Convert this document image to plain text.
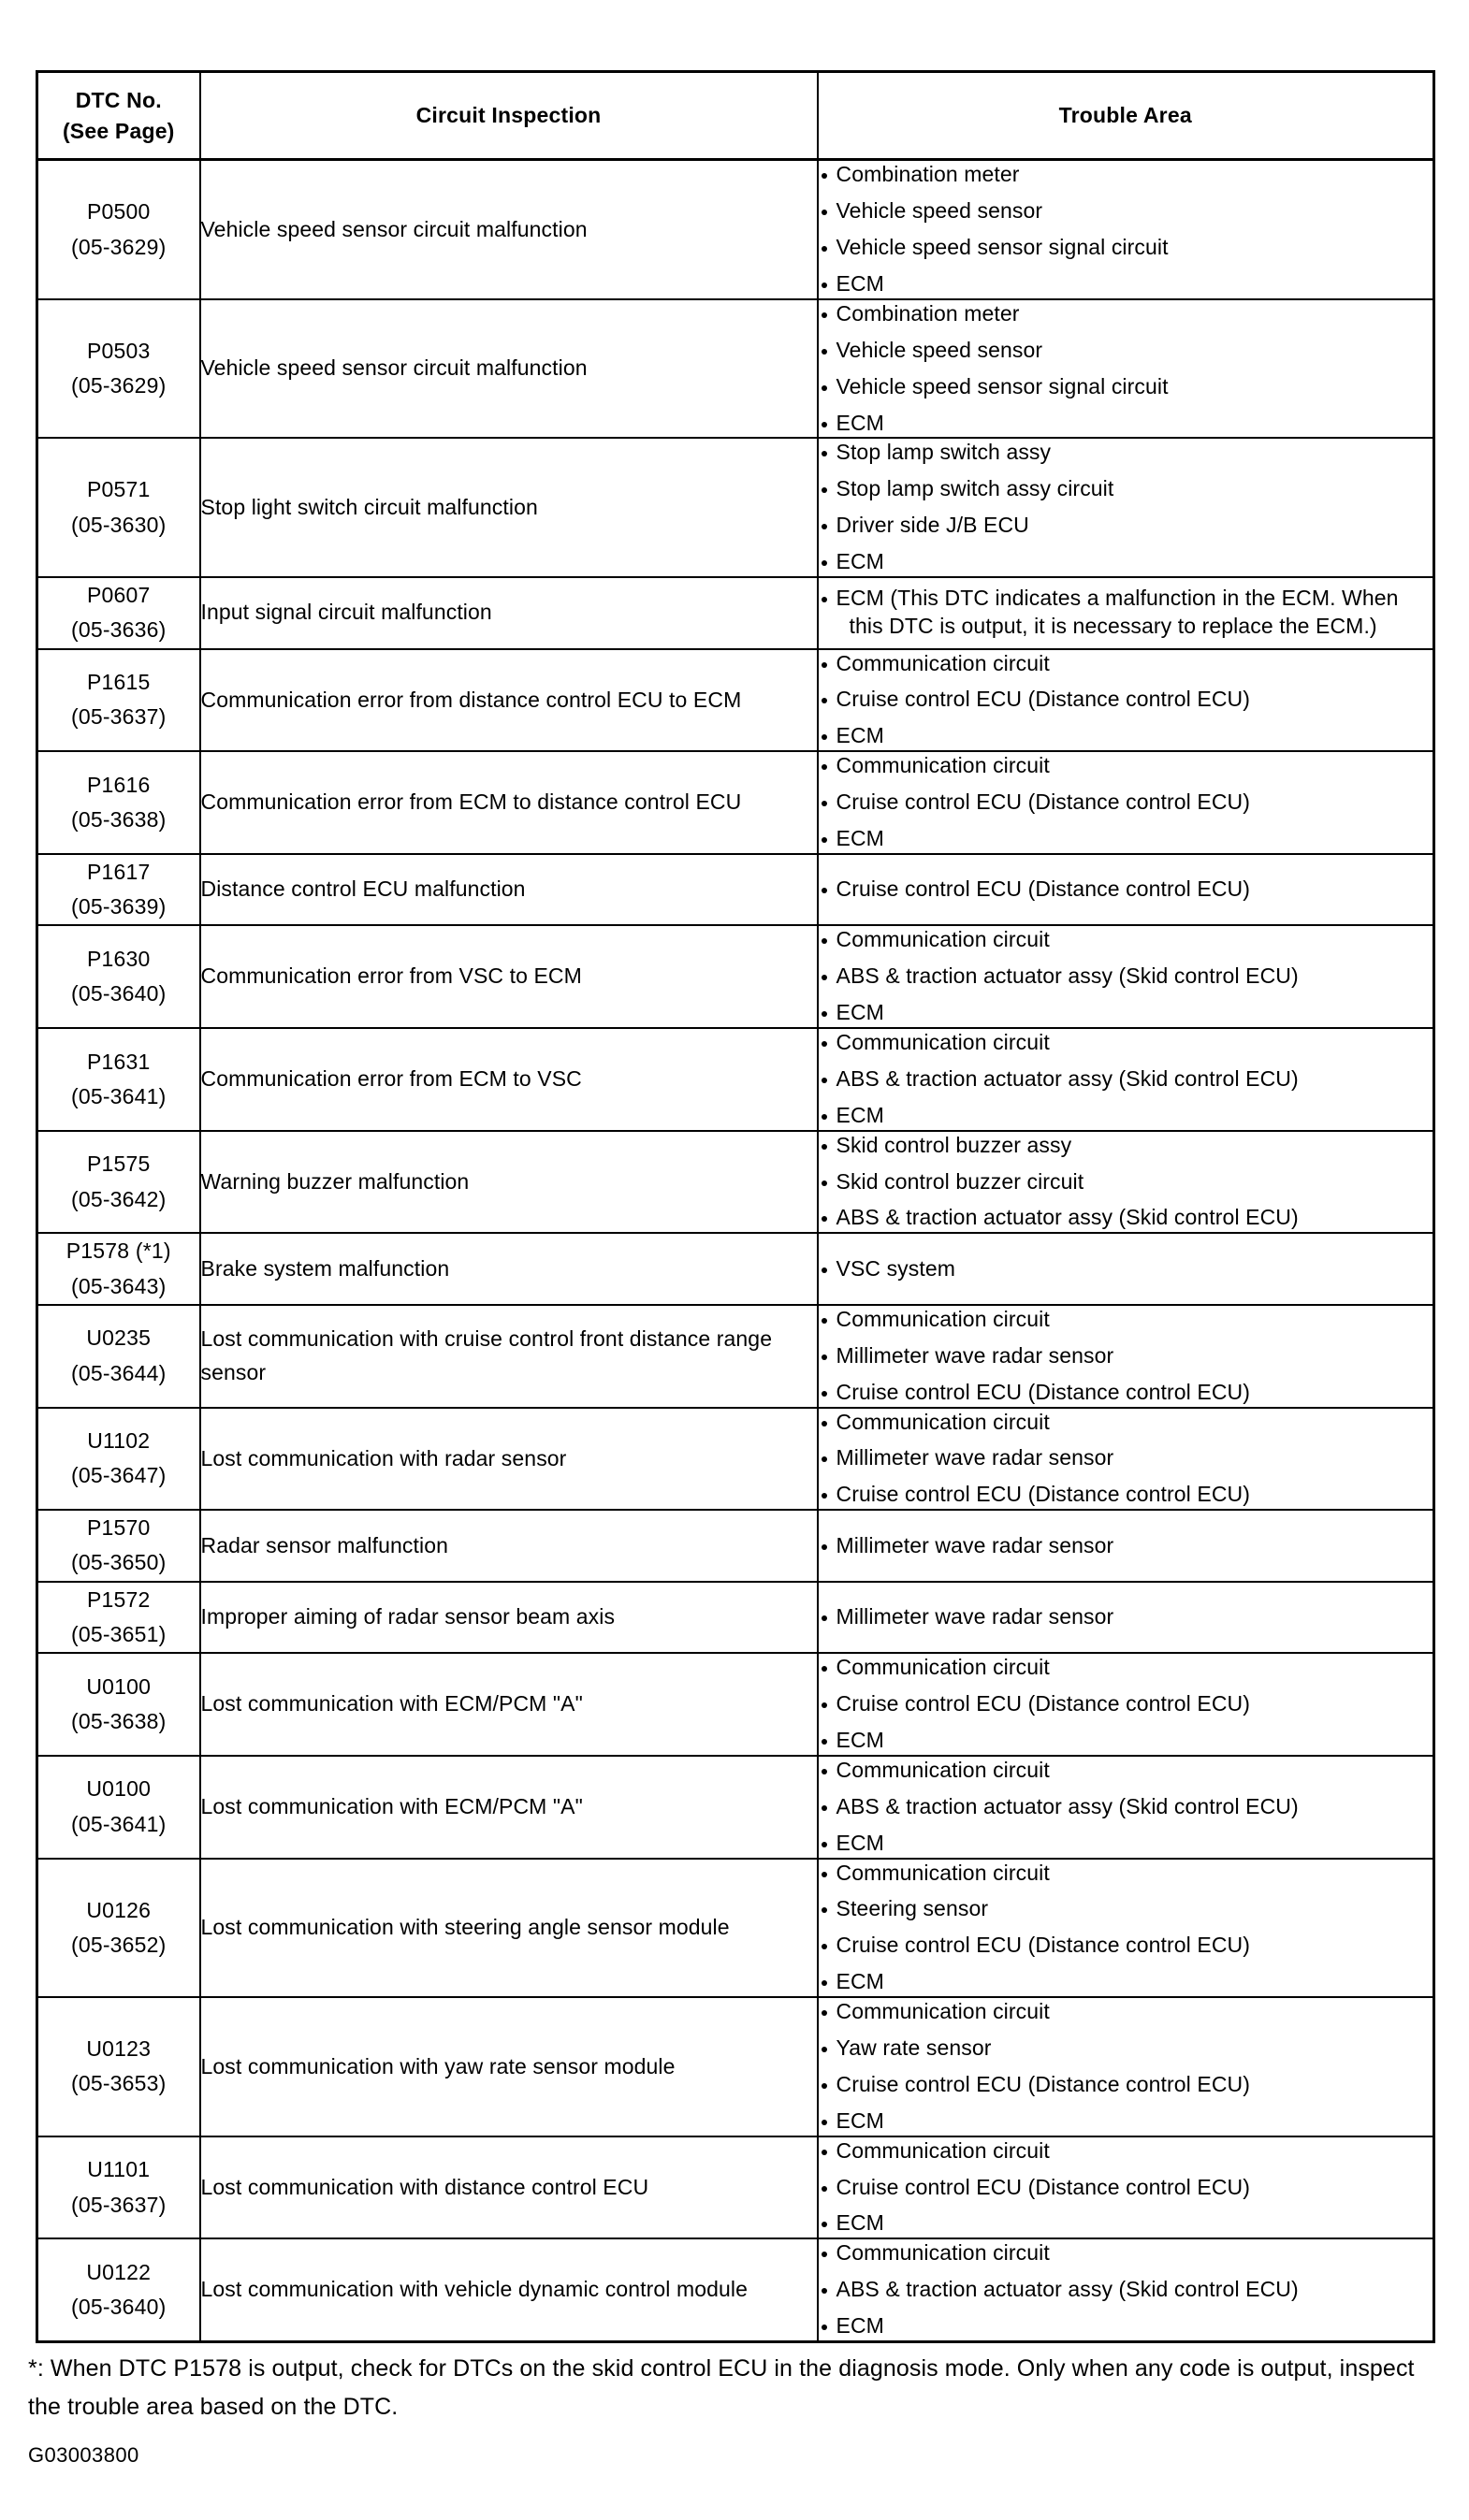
DTC No.
(See Page)	Circuit Inspection	Trouble Area

P0500
(05-3629)
	Vehicle speed sensor circuit malfunction	
Combination meter
Vehicle speed sensor
Vehicle speed sensor signal circuit
ECM

P0503
(05-3629)
	Vehicle speed sensor circuit malfunction	
Combination meter
Vehicle speed sensor
Vehicle speed sensor signal circuit
ECM

P0571
(05-3630)
	Stop light switch circuit malfunction	
Stop lamp switch assy
Stop lamp switch assy circuit
Driver side J/B ECU
ECM

P0607
(05-3636)
	Input signal circuit malfunction	
ECM (This DTC indicates a malfunction in the ECM. When
this DTC is output, it is necessary to replace the ECM.)

P1615
(05-3637)
	Communication error from distance control ECU to ECM	
Communication circuit
Cruise control ECU (Distance control ECU)
ECM

P1616
(05-3638)
	Communication error from ECM to distance control ECU	
Communication circuit
Cruise control ECU (Distance control ECU)
ECM

P1617
(05-3639)
	Distance control ECU malfunction	Cruise control ECU (Distance control ECU)

P1630
(05-3640)
	Communication error from VSC to ECM	
Communication circuit
ABS & traction actuator assy (Skid control ECU)
ECM

P1631
(05-3641)
	Communication error from ECM to VSC	
Communication circuit
ABS & traction actuator assy (Skid control ECU)
ECM

P1575
(05-3642)
	Warning buzzer malfunction	
Skid control buzzer assy
Skid control buzzer circuit
ABS & traction actuator assy (Skid control ECU)

P1578 (*1)
(05-3643)
	Brake system malfunction	VSC system

U0235
(05-3644)
	Lost communication with cruise control front distance range sensor	
Communication circuit
Millimeter wave radar sensor
Cruise control ECU (Distance control ECU)

U1102
(05-3647)
	Lost communication with radar sensor	
Communication circuit
Millimeter wave radar sensor
Cruise control ECU (Distance control ECU)

P1570
(05-3650)
	Radar sensor malfunction	Millimeter wave radar sensor

P1572
(05-3651)
	Improper aiming of radar sensor beam axis	Millimeter wave radar sensor

U0100
(05-3638)
	Lost communication with ECM/PCM "A"	
Communication circuit
Cruise control ECU (Distance control ECU)
ECM

U0100
(05-3641)
	Lost communication with ECM/PCM "A"	
Communication circuit
ABS & traction actuator assy (Skid control ECU)
ECM

U0126
(05-3652)
	Lost communication with steering angle sensor module	
Communication circuit
Steering sensor
Cruise control ECU (Distance control ECU)
ECM

U0123
(05-3653)
	Lost communication with yaw rate sensor module	
Communication circuit
Yaw rate sensor
Cruise control ECU (Distance control ECU)
ECM

U1101
(05-3637)
	Lost communication with distance control ECU	
Communication circuit
Cruise control ECU (Distance control ECU)
ECM

U0122
(05-3640)
	Lost communication with vehicle dynamic control module	
Communication circuit
ABS & traction actuator assy (Skid control ECU)
ECM
*: When DTC P1578 is output, check for DTCs on the skid control ECU in the diagnosis mode. Only when any code is output, inspect the trouble area based on the DTC.
G03003800
